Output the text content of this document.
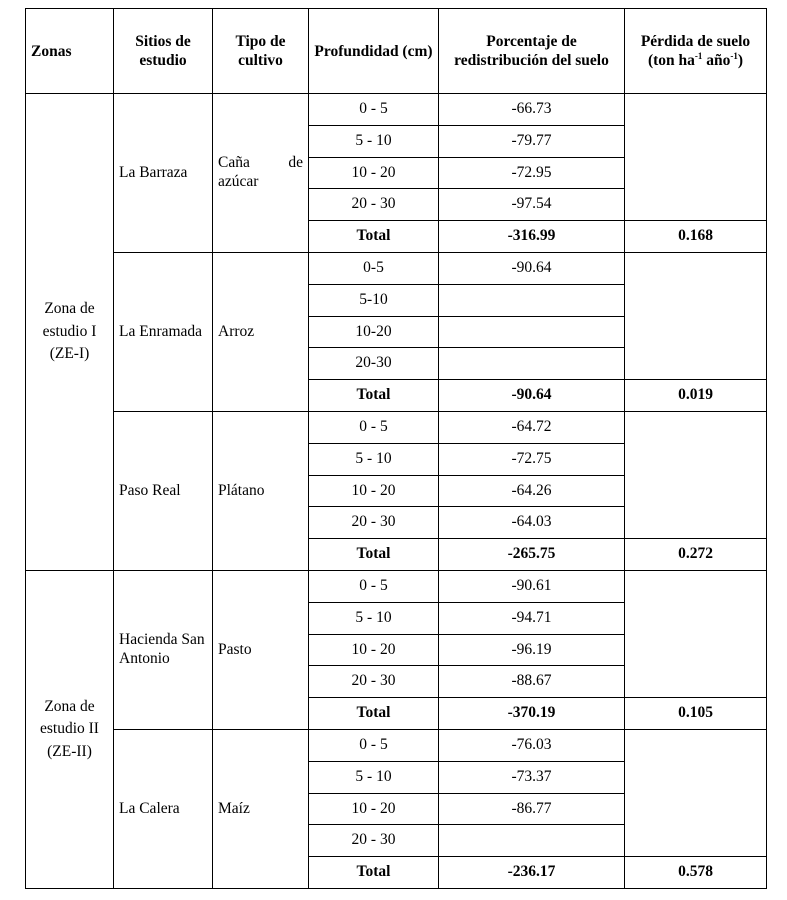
Zonas	Sitios de estudio	Tipo de cultivo	Profundidad (cm)	Porcentaje de redistribución del suelo	Pérdida de suelo
(ton $ha^{-1}$ año$^{-1}$)
Zona de
estudio I
(ZE-I)	La Barraza	Caña de azúcar	0 - 5	-66.73	
			5 - 10	-79.77	
			10 - 20	-72.95	
			20 - 30	-97.54	
			Total	-316.99	0.168
	La Enramada	Arroz	0-5	-90.64	
			5-10		
			10-20		
			20-30		
			Total	-90.64	0.019
	Paso Real	Plátano	0 - 5	-64.72	
			5 - 10	-72.75	
			10 - 20	-64.26	
			20 - 30	-64.03	
			Total	-265.75	0.272
Zona de
estudio II
(ZE-II)	Hacienda San Antonio	Pasto	0 - 5	-90.61	
			5 - 10	-94.71	
			10 - 20	-96.19	
			20 - 30	-88.67	
			Total	-370.19	0.105
	La Calera	Maíz	0 - 5	-76.03	
			5 - 10	-73.37	
			10 - 20	-86.77	
			20 - 30		
			Total	-236.17	0.578
